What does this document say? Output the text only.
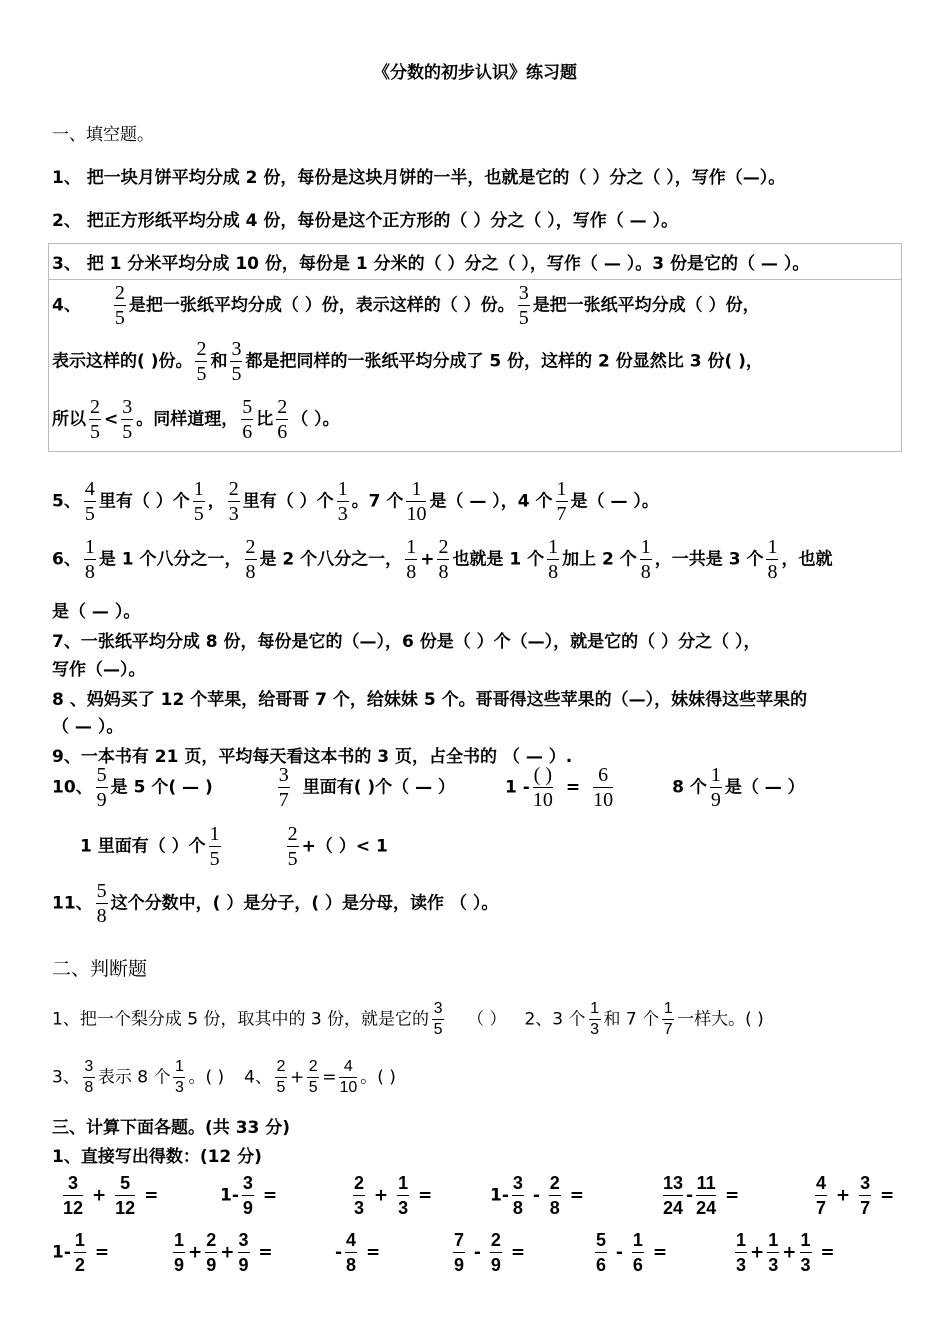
《分数的初步认识》练习题
一、填空题。
1、 把一块月饼平均分成 2 份，每份是这块月饼的一半，也就是它的（ ）分之（ ），写作（—）。
2、 把正方形纸平均分成 4 份，每份是这个正方形的（ ）分之（ ），写作（ — ）。
3、 把 1 分米平均分成 10 份，每份是 1 分米的（ ）分之（ ），写作（ — ）。3 份是它的（ — ）。
4、 $\frac{2}{5}$ 是把一张纸平均分成（ ）份，表示这样的（ ）份。 $\frac{3}{5}$ 是把一张纸平均分成（ ）份，
表示这样的( )份。 $\frac{2}{5}$ 和 $\frac{3}{5}$ 都是把同样的一张纸平均分成了 5 份，这样的 2 份显然比 3 份( )，
所以 $\frac{2}{5} < \frac{3}{5}$ 。同样道理， $\frac{5}{6}$ 比 $\frac{2}{6}$ （ ）。
5、 $\frac{4}{5}$ 里有（ ）个 $\frac{1}{5}$ ， $\frac{2}{3}$ 里有（ ）个 $\frac{1}{3}$ 。7 个 $\frac{1}{10}$ 是（ — ），4 个 $\frac{1}{7}$ 是（ — ）。
6、 $\frac{1}{8}$ 是 1 个八分之一， $\frac{2}{8}$ 是 2 个八分之一， $\frac{1}{8} + \frac{2}{8}$ 也就是 1 个 $\frac{1}{8}$ 加上 2 个 $\frac{1}{8}$ ，一共是 3 个 $\frac{1}{8}$ ，也就
是（ — ）。
7、一张纸平均分成 8 份，每份是它的（—），6 份是（ ）个（—），就是它的（ ）分之（ ），
写作（—）。
8 、妈妈买了 12 个苹果，给哥哥 7 个，给妹妹 5 个。哥哥得这些苹果的（—），妹妹得这些苹果的
（ — ）。
9、一本书有 21 页，平均每天看这本书的 3 页，占全书的 （ — ）.
10、 $\frac{5}{9}$ 是 5 个( — )	$\frac{3}{7}$ 里面有( )个（ — ）	$1 - \frac{( )}{10} = \frac{6}{10}$	8 个 $\frac{1}{9}$ 是（ — ）
1 里面有（ ）个 $\frac{1}{5}$	$\frac{2}{5}$ +（ ）< 1
11、 $\frac{5}{8}$ 这个分数中，( ）是分子，( ）是分母，读作 （ ）。
二、判断题
1、把一个梨分成 5 份，取其中的 3 份，就是它的 $\frac{3}{5}$ （ ） 2、3 个 $\frac{1}{3}$ 和 7 个 $\frac{1}{7}$ 一样大。( )
3、 $\frac{3}{8}$ 表示 8 个 $\frac{1}{3}$ 。( ) 4、 $\frac{2}{5} + \frac{2}{5} = \frac{4}{10}$ 。( )
三、计算下面各题。(共 33 分)
1、直接写出得数：(12 分)
$\frac{3}{12} + \frac{5}{12}$ =	$1- \frac{3}{9}$ =	$\frac{2}{3} + \frac{1}{3}$ =	$1- \frac{3}{8} - \frac{2}{8}$ =	$\frac{13}{24} - \frac{11}{24}$ =	$\frac{4}{7} + \frac{3}{7}$ =
$1- \frac{1}{2}$ =	$\frac{1}{9} + \frac{2}{9} + \frac{3}{9}$ =	- $\frac{4}{8}$ =	$\frac{7}{9} - \frac{2}{9}$ =	$\frac{5}{6} - \frac{1}{6}$ =	$\frac{1}{3} + \frac{1}{3} + \frac{1}{3}$ =
